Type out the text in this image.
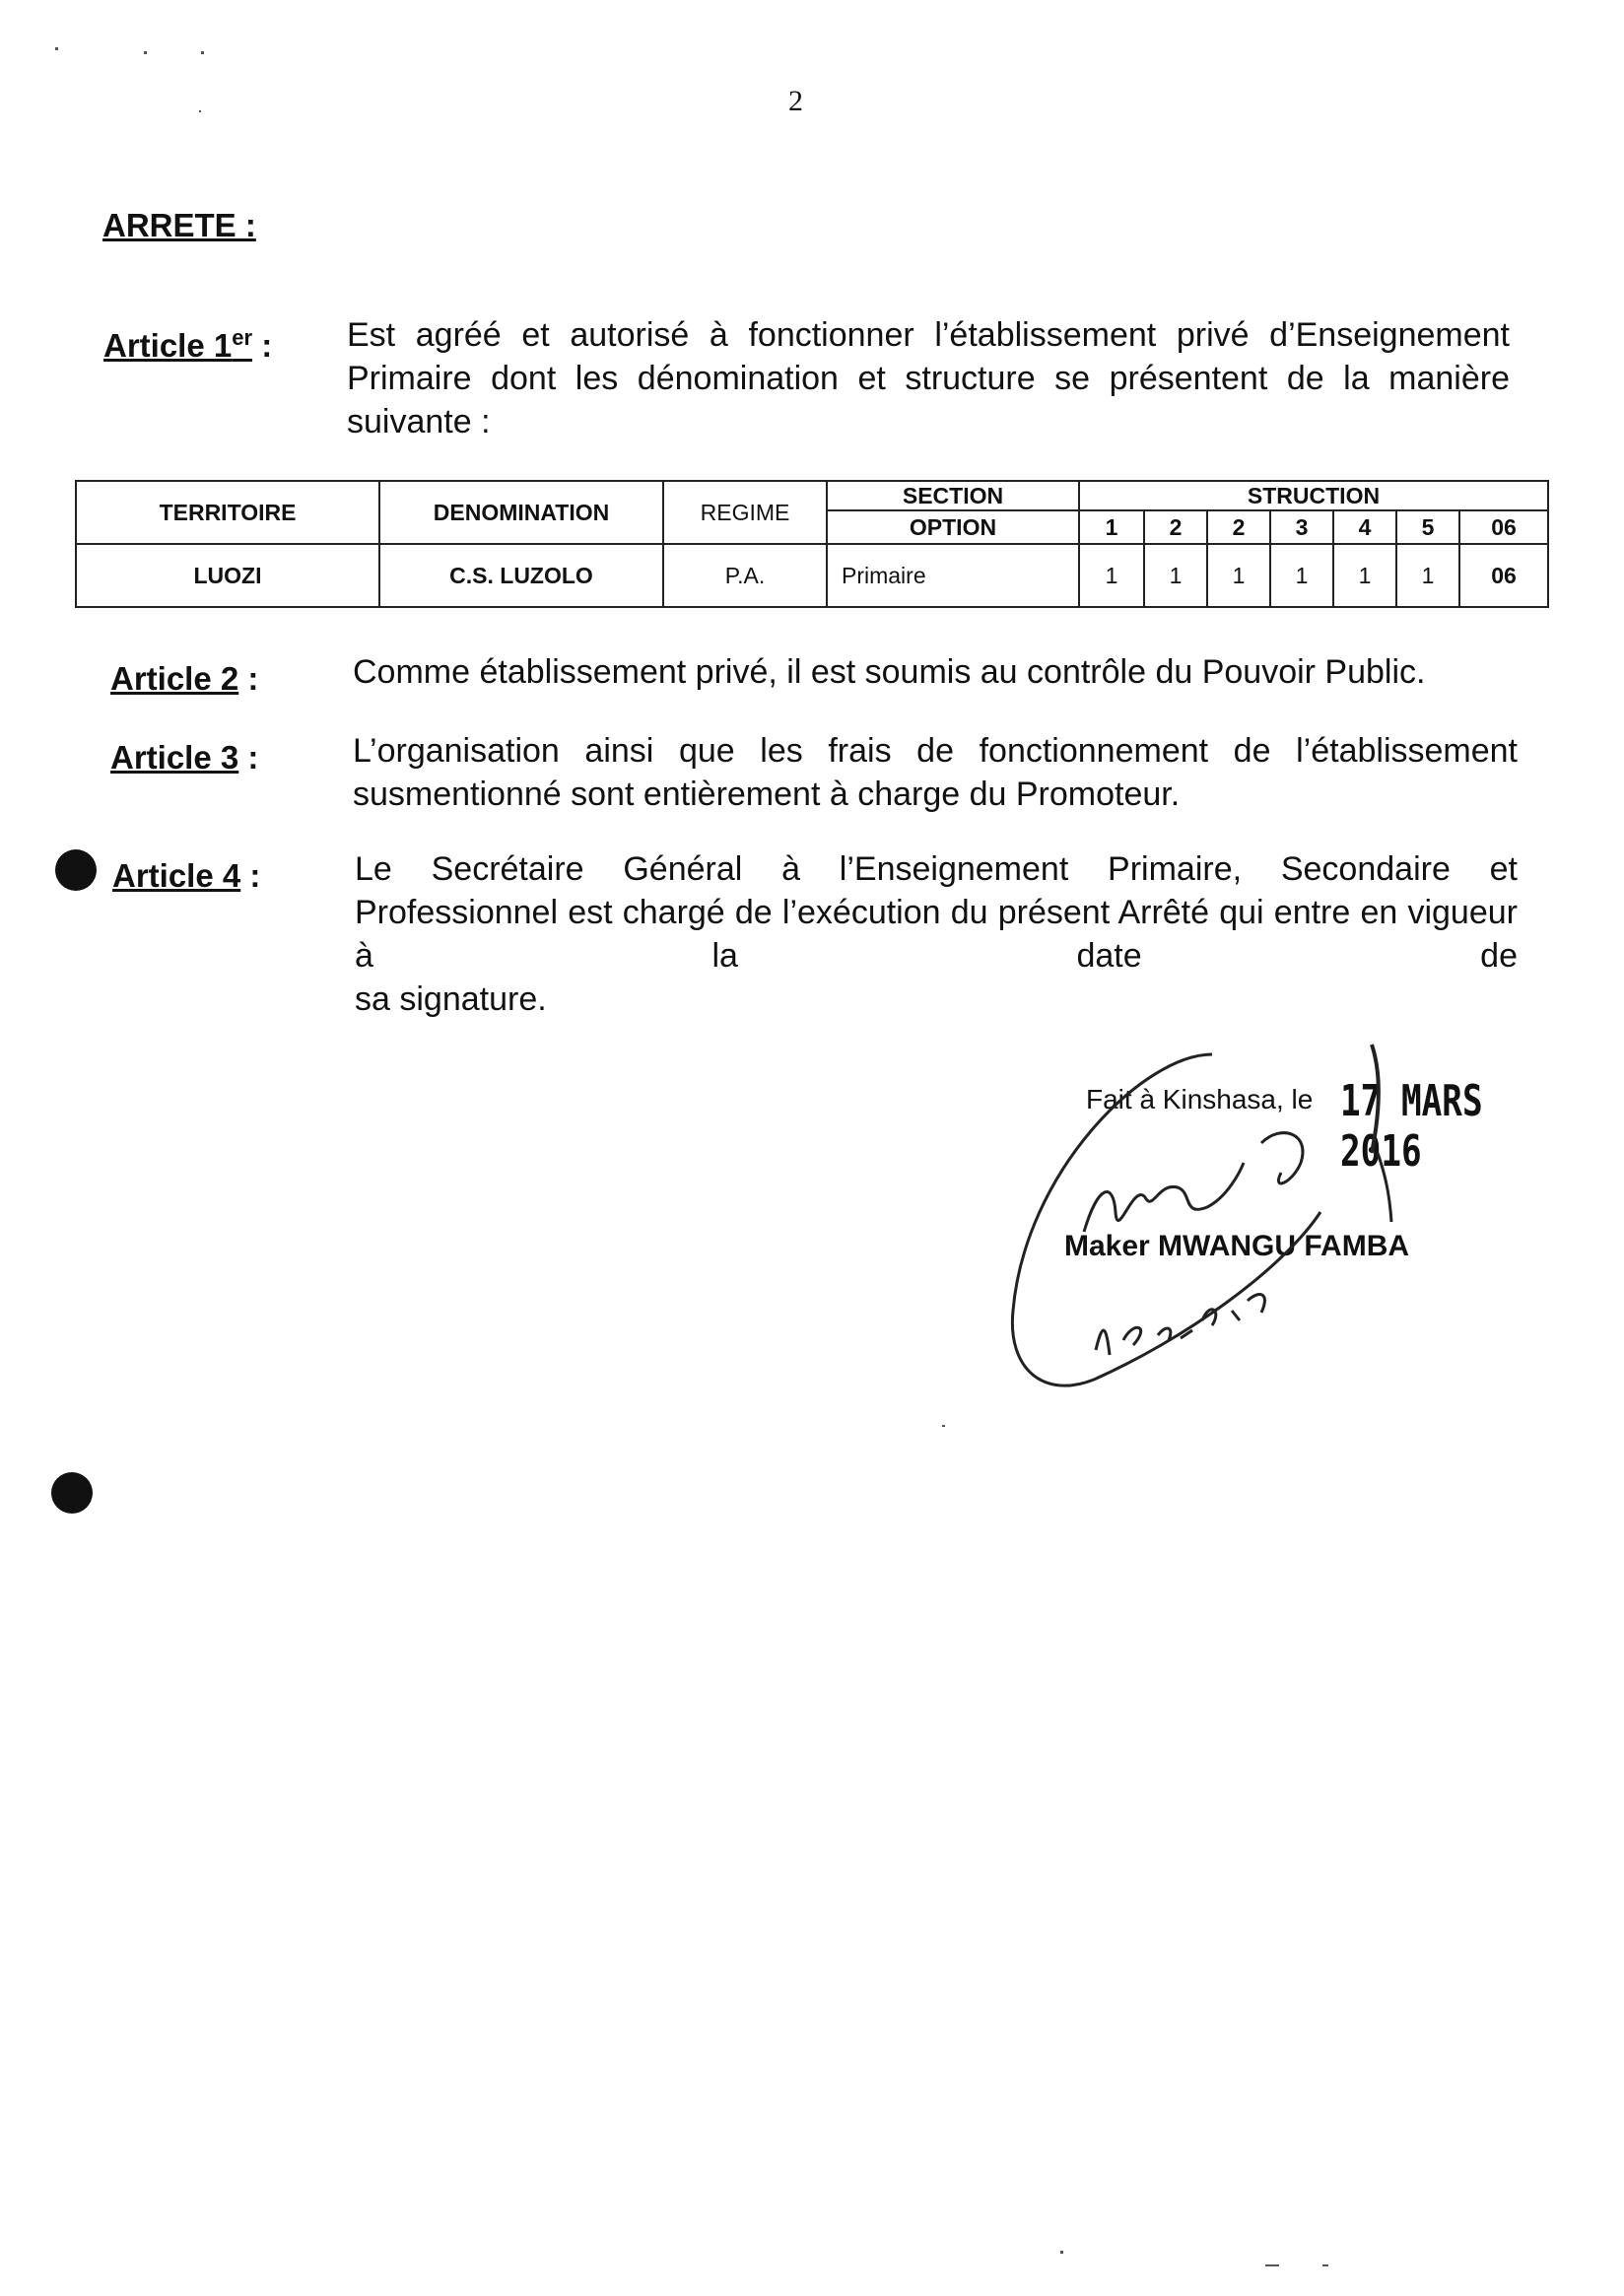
2
ARRETE :
Article 1er : Est agréé et autorisé à fonctionner l’établissement privé d’Enseignement Primaire dont les dénomination et structure se présentent de la manière
suivante :
TERRITOIRE	DENOMINATION	REGIME	SECTION	STRUCTION						
			OPTION	1	2	2	3	4	5	06
LUOZI	C.S. LUZOLO	P.A.	Primaire	1	1	1	1	1	1	06
Article 2 :	Comme établissement privé, il est soumis au contrôle du Pouvoir Public.
Article 3 :	L’organisation ainsi que les frais de fonctionnement de l’établissement
susmentionné sont entièrement à charge du Promoteur.
Article 4 :	Le Secrétaire Général à l’Enseignement Primaire, Secondaire et Professionnel est chargé de l’exécution du présent Arrêté qui entre en vigueur à la date de
sa signature.
Fait à Kinshasa, le 17 MARS 2016
Maker MWANGU FAMBA
